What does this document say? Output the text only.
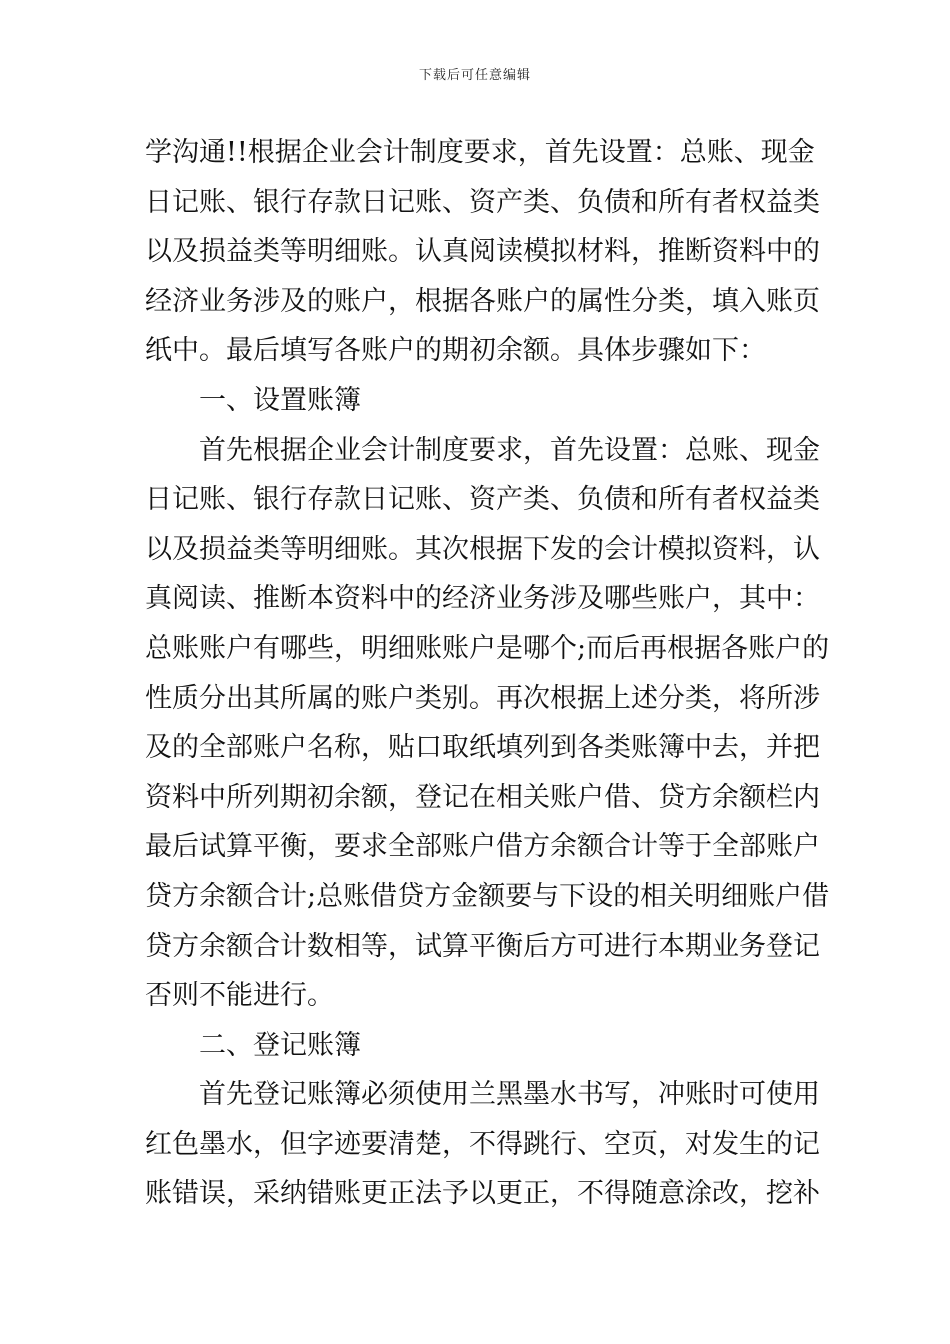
下载后可任意编辑
学沟通!!根据企业会计制度要求，首先设置：总账、现金
日记账、银行存款日记账、资产类、负债和所有者权益类
以及损益类等明细账。认真阅读模拟材料，推断资料中的
经济业务涉及的账户，根据各账户的属性分类，填入账页
纸中。最后填写各账户的期初余额。具体步骤如下：
一、设置账簿
首先根据企业会计制度要求，首先设置：总账、现金
日记账、银行存款日记账、资产类、负债和所有者权益类
以及损益类等明细账。其次根据下发的会计模拟资料，认
真阅读、推断本资料中的经济业务涉及哪些账户，其中：
总账账户有哪些，明细账账户是哪个;而后再根据各账户的
性质分出其所属的账户类别。再次根据上述分类，将所涉
及的全部账户名称，贴口取纸填列到各类账簿中去，并把
资料中所列期初余额，登记在相关账户借、贷方余额栏内
最后试算平衡，要求全部账户借方余额合计等于全部账户
贷方余额合计;总账借贷方金额要与下设的相关明细账户借
贷方余额合计数相等，试算平衡后方可进行本期业务登记
否则不能进行。
二、登记账簿
首先登记账簿必须使用兰黑墨水书写，冲账时可使用
红色墨水，但字迹要清楚，不得跳行、空页，对发生的记
账错误，采纳错账更正法予以更正，不得随意涂改，挖补
